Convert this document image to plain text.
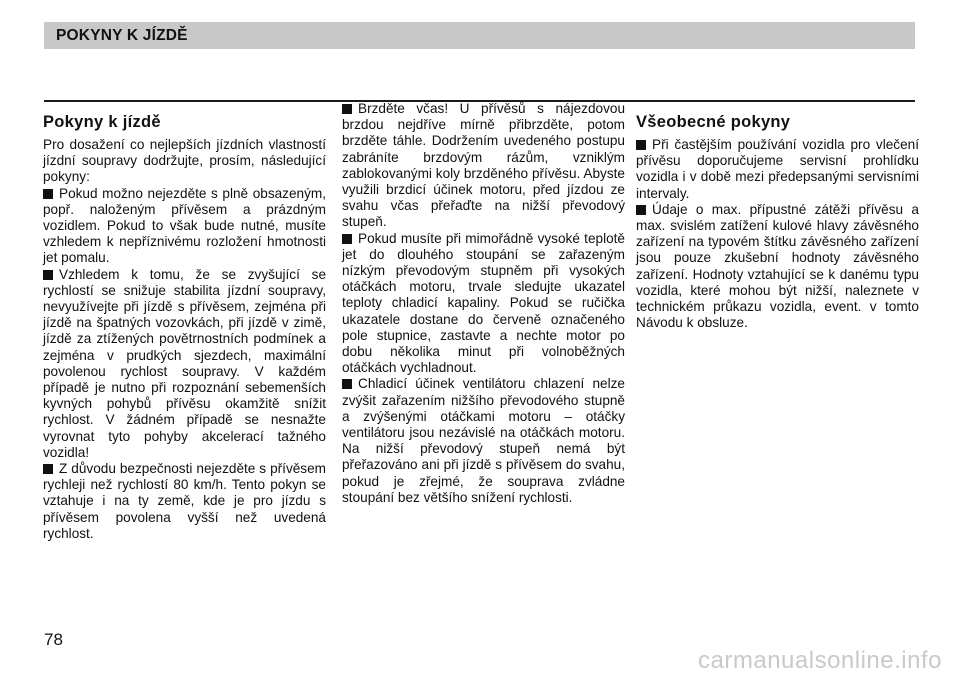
POKYNY K JÍZDĚ
Pokyny k jízdě

Pro dosažení co nejlepších jízdních vlastností jízdní soupravy dodržujte, prosím, následující pokyny:

Pokud možno nejezděte s plně obsazeným, popř. naloženým přívěsem a prázdným vozidlem. Pokud to však bude nutné, musíte vzhledem k nepříznivému rozložení hmotnosti jet pomalu.

Vzhledem k tomu, že se zvyšující se rychlostí se snižuje stabilita jízdní soupravy, nevyužívejte při jízdě s přívěsem, zejména při jízdě na špatných vozovkách, při jízdě v zimě, jízdě za ztížených povětrnostních podmínek a zejména v prudkých sjezdech, maximální povolenou rychlost soupravy. V každém případě je nutno při rozpoznání sebemenších kyvných pohybů přívěsu okamžitě snížit rychlost. V žádném případě se nesnažte vyrovnat tyto pohyby akcelerací tažného vozidla!

Z důvodu bezpečnosti nejezděte s přívěsem rychleji než rychlostí 80 km/h. Tento pokyn se vztahuje i na ty země, kde je pro jízdu s přívěsem povolena vyšší než uvedená rychlost.

Brzděte včas! U přívěsů s nájezdovou brzdou nejdříve mírně přibrzděte, potom brzděte táhle. Dodržením uvedeného postupu zabráníte brzdovým rázům, vzniklým zablokovanými koly brzděného přívěsu. Abyste využili brzdicí účinek motoru, před jízdou ze svahu včas přeřaďte na nižší převodový stupeň.

Pokud musíte při mimořádně vysoké teplotě jet do dlouhého stoupání se zařazeným nízkým převodovým stupněm při vysokých otáčkách motoru, trvale sledujte ukazatel teploty chladicí kapaliny. Pokud se ručička ukazatele dostane do červeně označeného pole stupnice, zastavte a nechte motor po dobu několika minut při volnoběžných otáčkách vychladnout.

Chladicí účinek ventilátoru chlazení nelze zvýšit zařazením nižšího převodového stupně a zvýšenými otáčkami motoru – otáčky ventilátoru jsou nezávislé na otáčkách motoru. Na nižší převodový stupeň nemá být přeřazováno ani při jízdě s přívěsem do svahu, pokud je zřejmé, že souprava zvládne stoupání bez většího snížení rychlosti.

Všeobecné pokyny

Při častějším používání vozidla pro vlečení přívěsu doporučujeme servisní prohlídku vozidla i v době mezi předepsanými servisními intervaly.

Údaje o max. přípustné zátěži přívěsu a max. svislém zatížení kulové hlavy závěsného zařízení na typovém štítku závěsného zařízení jsou pouze zkušební hodnoty závěsného zařízení. Hodnoty vztahující se k danému typu vozidla, které mohou být nižší, naleznete v technickém průkazu vozidla, event. v tomto Návodu k obsluze.

78
carmanualsonline.info
